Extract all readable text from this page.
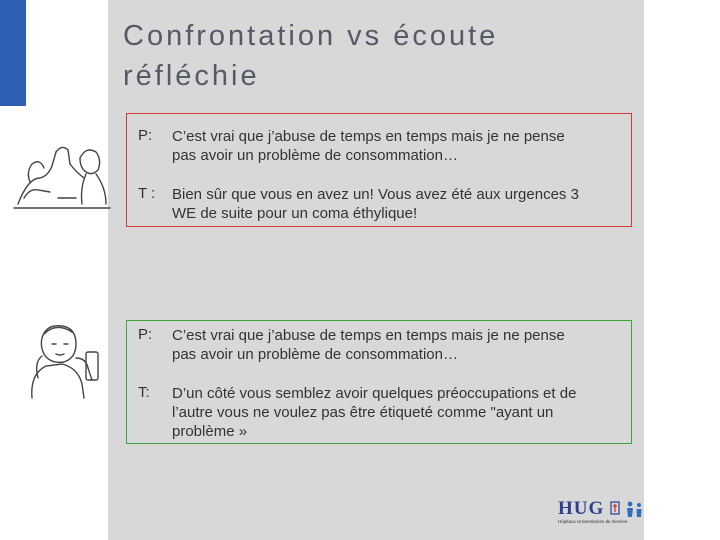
Confrontation vs écoute
réfléchie
P: C’est vrai que j’abuse de temps en temps mais je ne pense
pas avoir un problème de consommation…
T : Bien sûr que vous en avez un! Vous avez été aux urgences 3
WE de suite pour un coma éthylique!
P: C’est vrai que j’abuse de temps en temps mais je ne pense
pas avoir un problème de consommation…
T: D’un côté vous semblez avoir quelques préoccupations et de
l’autre vous ne voulez pas être étiqueté comme "ayant un
problème »
HUG
Hôpitaux Universitaires de Genève
